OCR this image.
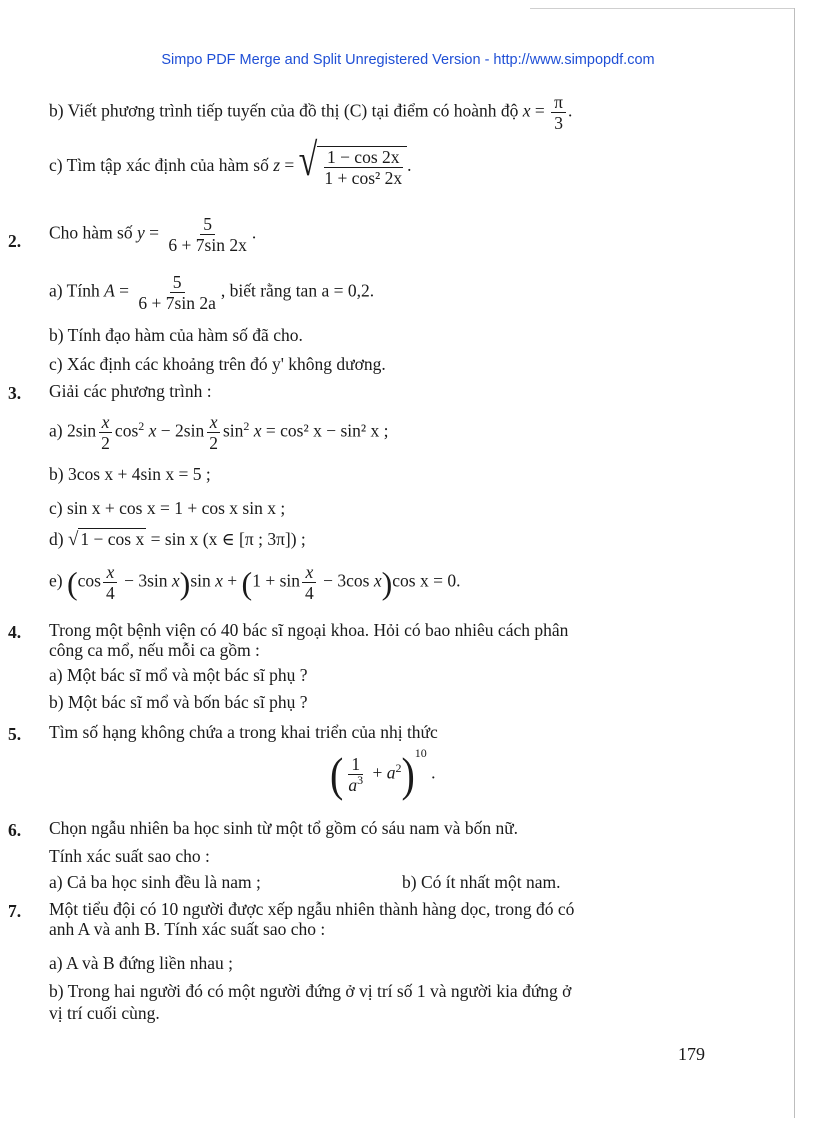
Simpo PDF Merge and Split Unregistered Version - http://www.simpopdf.com
b) Viết phương trình tiếp tuyến của đồ thị (C) tại điểm có hoành độ $x = \frac{\pi}{3}$ .
c) Tìm tập xác định của hàm số z = √ $\frac{1 - \cos 2x}{\text{1 + cos² 2x}}$ .
2. Cho hàm số $y = \frac{5}{6 + 7\sin 2x}$ .
a) Tính $A = \frac{5}{6 + 7\sin 2a}$ , biết rằng tan a = 0,2.
b) Tính đạo hàm của hàm số đã cho.
c) Xác định các khoảng trên đó y' không dương.
3. Giải các phương trình :
a) $2\sin \frac{x}{2} \cos^2 x - 2\sin \frac{x}{2} \sin^2 x = \cos^2$ x − sin² x ;
b) 3cos x + 4sin x = 5 ;
c) sin x + cos x = 1 + cos x sin x ;
d) √ 1 − cos x = sin x (x ∈ [π ; 3π]) ;
e) ($\cos \frac{x}{4} - 3\sin$ x)sin $x + (1 + \sin \frac{x}{4} - 3\cos$ x)cos x = 0.
4. Trong một bệnh viện có 40 bác sĩ ngoại khoa. Hỏi có bao nhiêu cách phân
công ca mổ, nếu mỗi ca gồm :
a) Một bác sĩ mổ và một bác sĩ phụ ?
b) Một bác sĩ mổ và bốn bác sĩ phụ ?
5. Tìm số hạng không chứa a trong khai triển của nhị thức
( $\frac{1}{a^3} + a^2)^{10}$ .
6. Chọn ngẫu nhiên ba học sinh từ một tổ gồm có sáu nam và bốn nữ.
Tính xác suất sao cho :
a) Cả ba học sinh đều là nam ;	b) Có ít nhất một nam.
7. Một tiểu đội có 10 người được xếp ngẫu nhiên thành hàng dọc, trong đó có
anh A và anh B. Tính xác suất sao cho :
a) A và B đứng liền nhau ;
b) Trong hai người đó có một người đứng ở vị trí số 1 và người kia đứng ở
vị trí cuối cùng.
179
